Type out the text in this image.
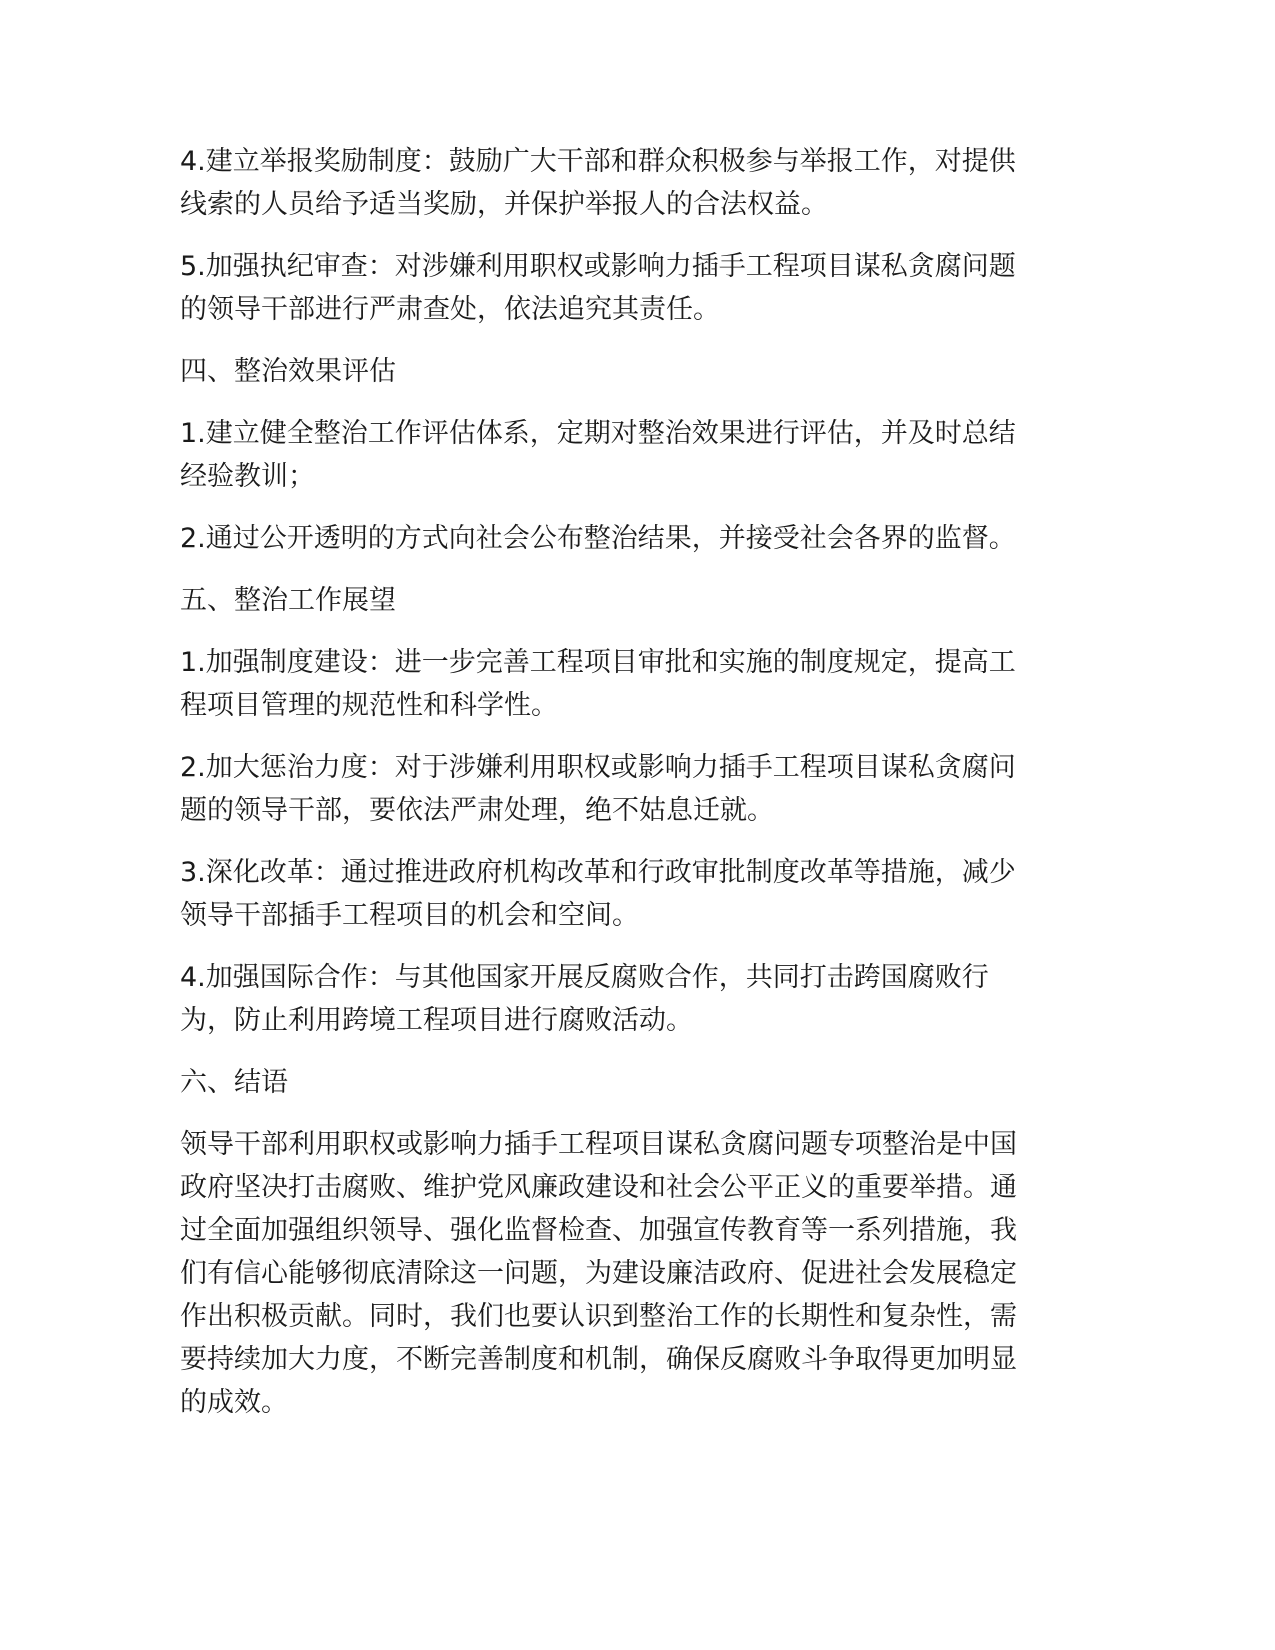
4.建立举报奖励制度：鼓励广大干部和群众积极参与举报工作，对提供线索的人员给予适当奖励，并保护举报人的合法权益。

5.加强执纪审查：对涉嫌利用职权或影响力插手工程项目谋私贪腐问题的领导干部进行严肃查处，依法追究其责任。

四、整治效果评估

1.建立健全整治工作评估体系，定期对整治效果进行评估，并及时总结经验教训；

2.通过公开透明的方式向社会公布整治结果，并接受社会各界的监督。

五、整治工作展望

1.加强制度建设：进一步完善工程项目审批和实施的制度规定，提高工程项目管理的规范性和科学性。

2.加大惩治力度：对于涉嫌利用职权或影响力插手工程项目谋私贪腐问题的领导干部，要依法严肃处理，绝不姑息迁就。

3.深化改革：通过推进政府机构改革和行政审批制度改革等措施，减少领导干部插手工程项目的机会和空间。

4.加强国际合作：与其他国家开展反腐败合作，共同打击跨国腐败行为，防止利用跨境工程项目进行腐败活动。

六、结语

领导干部利用职权或影响力插手工程项目谋私贪腐问题专项整治是中国政府坚决打击腐败、维护党风廉政建设和社会公平正义的重要举措。通过全面加强组织领导、强化监督检查、加强宣传教育等一系列措施，我们有信心能够彻底清除这一问题，为建设廉洁政府、促进社会发展稳定作出积极贡献。同时，我们也要认识到整治工作的长期性和复杂性，需要持续加大力度，不断完善制度和机制，确保反腐败斗争取得更加明显的成效。
